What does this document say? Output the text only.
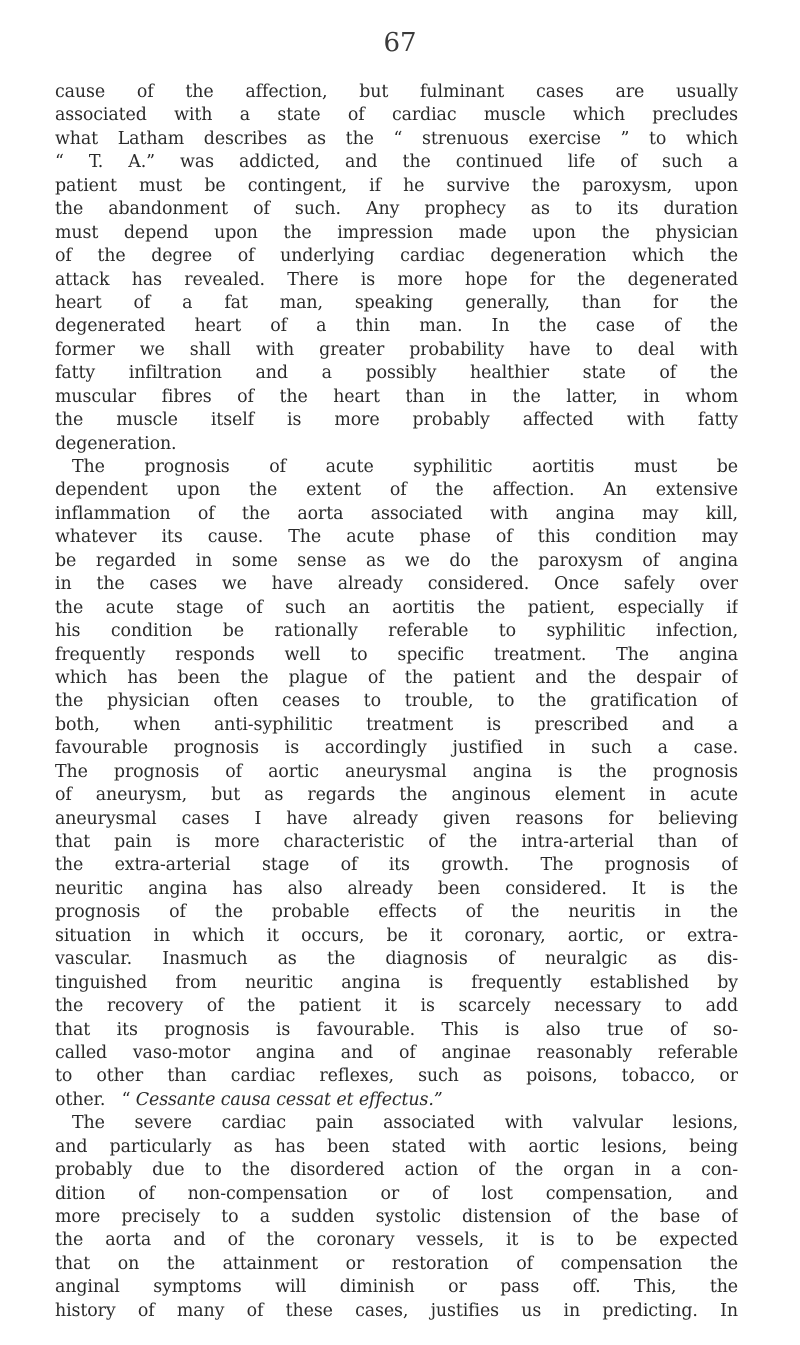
67
cause of the affection, but fulminant cases are usually
associated with a state of cardiac muscle which precludes
what Latham describes as the “ strenuous exercise ” to which
“ T. A.” was addicted, and the continued life of such a
patient must be contingent, if he survive the paroxysm, upon
the abandonment of such. Any prophecy as to its duration
must depend upon the impression made upon the physician
of the degree of underlying cardiac degeneration which the
attack has revealed. There is more hope for the degenerated
heart of a fat man, speaking generally, than for the
degenerated heart of a thin man. In the case of the
former we shall with greater probability have to deal with
fatty infiltration and a possibly healthier state of the
muscular fibres of the heart than in the latter, in whom
the muscle itself is more probably affected with fatty
degeneration.
The prognosis of acute syphilitic aortitis must be
dependent upon the extent of the affection. An extensive
inflammation of the aorta associated with angina may kill,
whatever its cause. The acute phase of this condition may
be regarded in some sense as we do the paroxysm of angina
in the cases we have already considered. Once safely over
the acute stage of such an aortitis the patient, especially if
his condition be rationally referable to syphilitic infection,
frequently responds well to specific treatment. The angina
which has been the plague of the patient and the despair of
the physician often ceases to trouble, to the gratification of
both, when anti-syphilitic treatment is prescribed and a
favourable prognosis is accordingly justified in such a case.
The prognosis of aortic aneurysmal angina is the prognosis
of aneurysm, but as regards the anginous element in acute
aneurysmal cases I have already given reasons for believing
that pain is more characteristic of the intra-arterial than of
the extra-arterial stage of its growth. The prognosis of
neuritic angina has also already been considered. It is the
prognosis of the probable effects of the neuritis in the
situation in which it occurs, be it coronary, aortic, or extra-
vascular. Inasmuch as the diagnosis of neuralgic as dis-
tinguished from neuritic angina is frequently established by
the recovery of the patient it is scarcely necessary to add
that its prognosis is favourable. This is also true of so-
called vaso-motor angina and of anginae reasonably referable
to other than cardiac reflexes, such as poisons, tobacco, or
other.   “ Cessante causa cessat et effectus.”
The severe cardiac pain associated with valvular lesions,
and particularly as has been stated with aortic lesions, being
probably due to the disordered action of the organ in a con-
dition of non-compensation or of lost compensation, and
more precisely to a sudden systolic distension of the base of
the aorta and of the coronary vessels, it is to be expected
that on the attainment or restoration of compensation the
anginal symptoms will diminish or pass off. This, the
history of many of these cases, justifies us in predicting. In
